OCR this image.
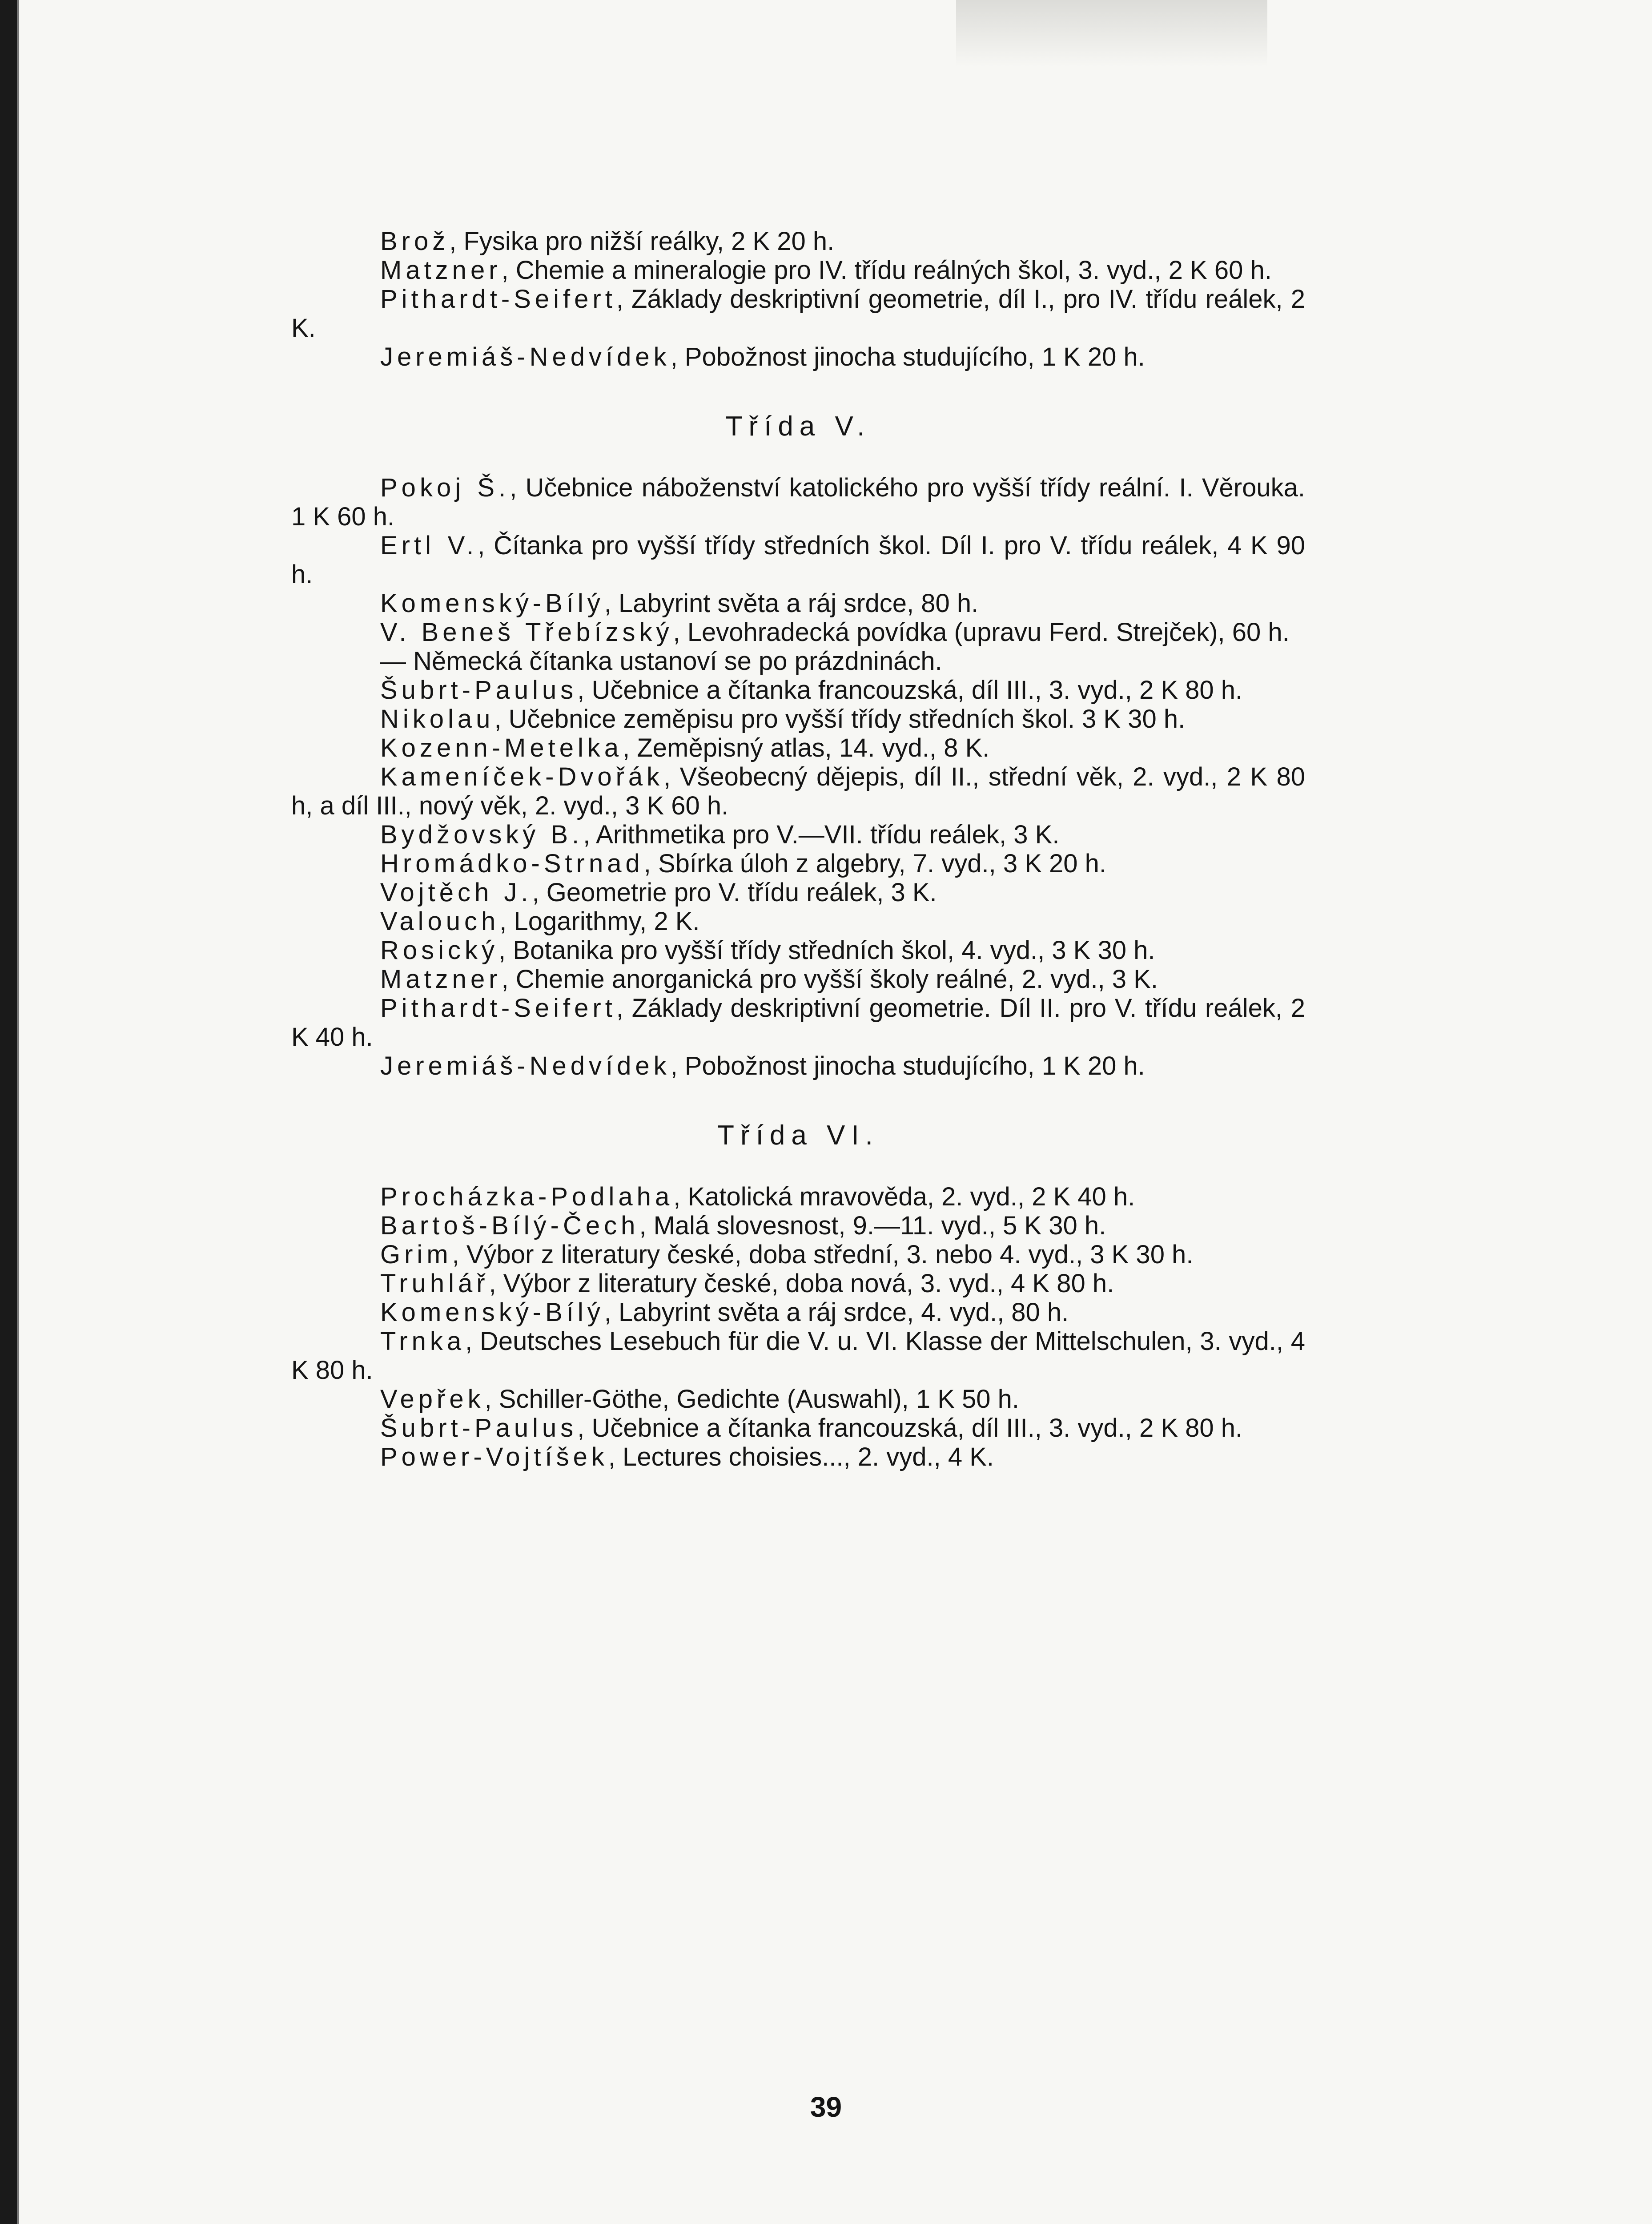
Brož, Fysika pro nižší reálky, 2 K 20 h.

Matzner, Chemie a mineralogie pro IV. třídu reálných škol, 3. vyd., 2 K 60 h.

Pithardt-Seifert, Základy deskriptivní geometrie, díl I., pro IV. třídu reálek, 2 K.

Jeremiáš-Nedvídek, Pobožnost jinocha studujícího, 1 K 20 h.

Třída V.

Pokoj Š., Učebnice náboženství katolického pro vyšší třídy reální. I. Věrouka. 1 K 60 h.

Ertl V., Čítanka pro vyšší třídy středních škol. Díl I. pro V. třídu reálek, 4 K 90 h.

Komenský-Bílý, Labyrint světa a ráj srdce, 80 h.

V. Beneš Třebízský, Levohradecká povídka (upravu Ferd. Strejček), 60 h.

— Německá čítanka ustanoví se po prázdninách.

Šubrt-Paulus, Učebnice a čítanka francouzská, díl III., 3. vyd., 2 K 80 h.

Nikolau, Učebnice zeměpisu pro vyšší třídy středních škol. 3 K 30 h.

Kozenn-Metelka, Zeměpisný atlas, 14. vyd., 8 K.

Kameníček-Dvořák, Všeobecný dějepis, díl II., střední věk, 2. vyd., 2 K 80 h, a díl III., nový věk, 2. vyd., 3 K 60 h.

Bydžovský B., Arithmetika pro V.—VII. třídu reálek, 3 K.

Hromádko-Strnad, Sbírka úloh z algebry, 7. vyd., 3 K 20 h.

Vojtěch J., Geometrie pro V. třídu reálek, 3 K.

Valouch, Logarithmy, 2 K.

Rosický, Botanika pro vyšší třídy středních škol, 4. vyd., 3 K 30 h.

Matzner, Chemie anorganická pro vyšší školy reálné, 2. vyd., 3 K.

Pithardt-Seifert, Základy deskriptivní geometrie. Díl II. pro V. třídu reálek, 2 K 40 h.

Jeremiáš-Nedvídek, Pobožnost jinocha studujícího, 1 K 20 h.

Třída VI.

Procházka-Podlaha, Katolická mravověda, 2. vyd., 2 K 40 h.

Bartoš-Bílý-Čech, Malá slovesnost, 9.—11. vyd., 5 K 30 h.

Grim, Výbor z literatury české, doba střední, 3. nebo 4. vyd., 3 K 30 h.

Truhlář, Výbor z literatury české, doba nová, 3. vyd., 4 K 80 h.

Komenský-Bílý, Labyrint světa a ráj srdce, 4. vyd., 80 h.

Trnka, Deutsches Lesebuch für die V. u. VI. Klasse der Mittelschulen, 3. vyd., 4 K 80 h.

Vepřek, Schiller-Göthe, Gedichte (Auswahl), 1 K 50 h.

Šubrt-Paulus, Učebnice a čítanka francouzská, díl III., 3. vyd., 2 K 80 h.

Power-Vojtíšek, Lectures choisies..., 2. vyd., 4 K.

39
